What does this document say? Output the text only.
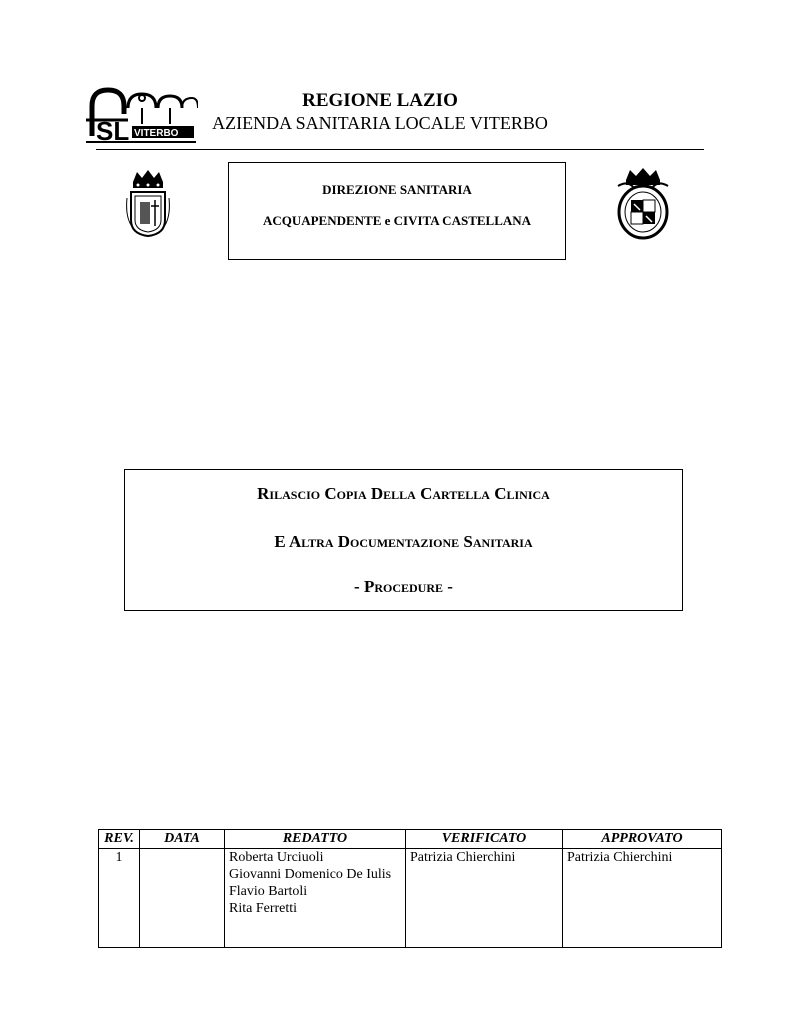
SL VITERBO
REGIONE LAZIO
AZIENDA SANITARIA LOCALE VITERBO
DIREZIONE SANITARIA
ACQUAPENDENTE e CIVITA CASTELLANA
Rilascio Copia Della Cartella Clinica
E Altra Documentazione Sanitaria
- Procedure -
REV.	DATA	REDATTO	VERIFICATO	APPROVATO
1		Roberta Urciuoli
Giovanni Domenico De Iulis
Flavio Bartoli
Rita Ferretti	Patrizia Chierchini	Patrizia Chierchini
